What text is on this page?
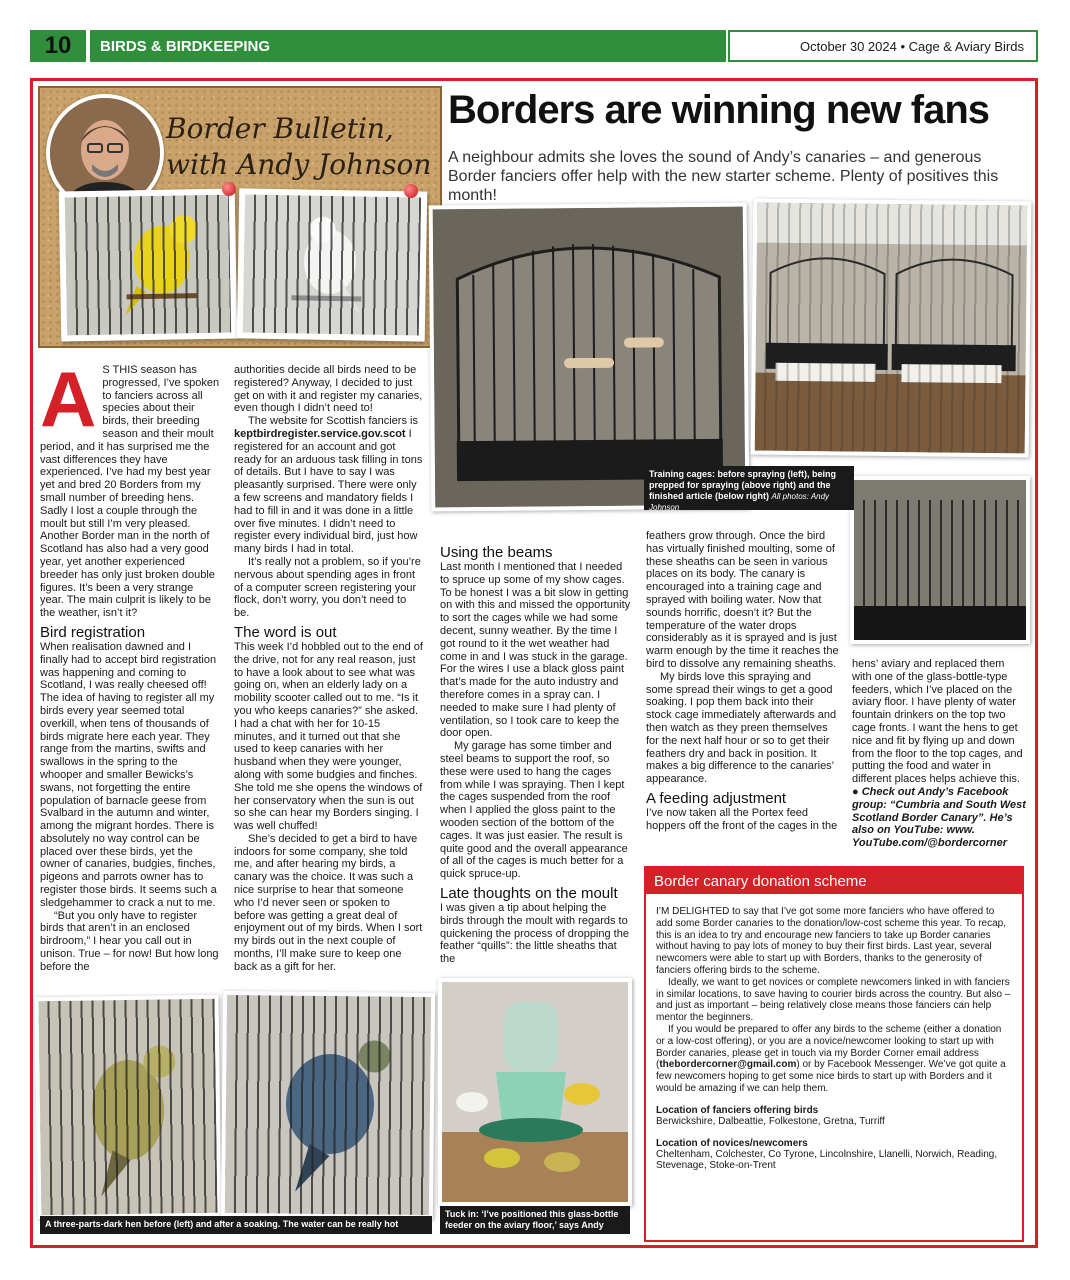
10	BIRDS & BIRDKEEPING	October 30 2024 • Cage & Aviary Birds
Border Bulletin,
with Andy Johnson
Borders are winning new fans
A neighbour admits she loves the sound of Andy’s canaries – and generous Border fanciers offer help with the new starter scheme. Plenty of positives this month!
Training cages: before spraying (left), being prepped for spraying (above right) and the finished article (below right) All photos: Andy Johnson
A S THIS season has progressed, I’ve spoken to fanciers across all species about their birds, their breeding season and their moult period, and it has surprised me the vast differences they have experienced. I’ve had my best year yet and bred 20 Borders from my small number of breeding hens. Sadly I lost a couple through the moult but still I’m very pleased. Another Border man in the north of Scotland has also had a very good year, yet another experienced breeder has only just broken double figures. It’s been a very strange year. The main culprit is likely to be the weather, isn’t it?

Bird registration

When realisation dawned and I finally had to accept bird registration was happening and coming to Scotland, I was really cheesed off! The idea of having to register all my birds every year seemed total overkill, when tens of thousands of birds migrate here each year. They range from the martins, swifts and swallows in the spring to the whooper and smaller Bewicks’s swans, not forgetting the entire population of barnacle geese from Svalbard in the autumn and winter, among the migrant hordes. There is absolutely no way control can be placed over these birds, yet the owner of canaries, budgies, finches, pigeons and parrots owner has to register those birds. It seems such a sledgehammer to crack a nut to me.

“But you only have to register birds that aren’t in an enclosed birdroom,” I hear you call out in unison. True – for now! But how long before the

authorities decide all birds need to be registered? Anyway, I decided to just get on with it and register my canaries, even though I didn’t need to!

The website for Scottish fanciers is keptbirdregister.service.gov.scot I registered for an account and got ready for an arduous task filling in tons of details. But I have to say I was pleasantly surprised. There were only a few screens and mandatory fields I had to fill in and it was done in a little over five minutes. I didn’t need to register every individual bird, just how many birds I had in total.

It’s really not a problem, so if you’re nervous about spending ages in front of a computer screen registering your flock, don’t worry, you don’t need to be.

The word is out

This week I’d hobbled out to the end of the drive, not for any real reason, just to have a look about to see what was going on, when an elderly lady on a mobility scooter called out to me. “Is it you who keeps canaries?” she asked. I had a chat with her for 10-15 minutes, and it turned out that she used to keep canaries with her husband when they were younger, along with some budgies and finches. She told me she opens the windows of her conservatory when the sun is out so she can hear my Borders singing. I was well chuffed!

She’s decided to get a bird to have indoors for some company, she told me, and after hearing my birds, a canary was the choice. It was such a nice surprise to hear that someone who I’d never seen or spoken to before was getting a great deal of enjoyment out of my birds. When I sort my birds out in the next couple of months, I’ll make sure to keep one back as a gift for her.

Using the beams

Last month I mentioned that I needed to spruce up some of my show cages. To be honest I was a bit slow in getting on with this and missed the opportunity to sort the cages while we had some decent, sunny weather. By the time I got round to it the wet weather had come in and I was stuck in the garage. For the wires I use a black gloss paint that’s made for the auto industry and therefore comes in a spray can. I needed to make sure I had plenty of ventilation, so I took care to keep the door open.

My garage has some timber and steel beams to support the roof, so these were used to hang the cages from while I was spraying. Then I kept the cages suspended from the roof when I applied the gloss paint to the wooden section of the bottom of the cages. It was just easier. The result is quite good and the overall appearance of all of the cages is much better for a quick spruce-up.

Late thoughts on the moult

I was given a tip about helping the birds through the moult with regards to quickening the process of dropping the feather “quills”: the little sheaths that the

feathers grow through. Once the bird has virtually finished moulting, some of these sheaths can be seen in various places on its body. The canary is encouraged into a training cage and sprayed with boiling water. Now that sounds horrific, doesn’t it? But the temperature of the water drops considerably as it is sprayed and is just warm enough by the time it reaches the bird to dissolve any remaining sheaths.

My birds love this spraying and some spread their wings to get a good soaking. I pop them back into their stock cage immediately afterwards and then watch as they preen themselves for the next half hour or so to get their feathers dry and back in position. It makes a big difference to the canaries’ appearance.

A feeding adjustment

I’ve now taken all the Portex feed hoppers off the front of the cages in the

hens’ aviary and replaced them with one of the glass-bottle-type feeders, which I’ve placed on the aviary floor. I have plenty of water fountain drinkers on the top two cage fronts. I want the hens to get nice and fit by flying up and down from the floor to the top cages, and putting the food and water in different places helps achieve this.

● Check out Andy’s Facebook group: “Cumbria and South West Scotland Border Canary”. He’s also on YouTube: www. YouTube.com/@bordercorner

A three-parts-dark hen before (left) and after a soaking. The water can be really hot
Tuck in: ‘I’ve positioned this glass-bottle feeder on the aviary floor,’ says Andy
Border canary donation scheme

I’M DELIGHTED to say that I’ve got some more fanciers who have offered to add some Border canaries to the donation/low-cost scheme this year. To recap, this is an idea to try and encourage new fanciers to take up Border canaries without having to pay lots of money to buy their first birds. Last year, several newcomers were able to start up with Borders, thanks to the generosity of fanciers offering birds to the scheme.

Ideally, we want to get novices or complete newcomers linked in with fanciers in similar locations, to save having to courier birds across the country. But also – and just as important – being relatively close means those fanciers can help mentor the beginners.

If you would be prepared to offer any birds to the scheme (either a donation or a low-cost offering), or you are a novice/newcomer looking to start up with Border canaries, please get in touch via my Border Corner email address (thebordercorner@gmail.com) or by Facebook Messenger. We’ve got quite a few newcomers hoping to get some nice birds to start up with Borders and it would be amazing if we can help them.

Location of fanciers offering birds
Berwickshire, Dalbeattie, Folkestone, Gretna, Turriff
Location of novices/newcomers
Cheltenham, Colchester, Co Tyrone, Lincolnshire, Llanelli, Norwich, Reading, Stevenage, Stoke-on-Trent
